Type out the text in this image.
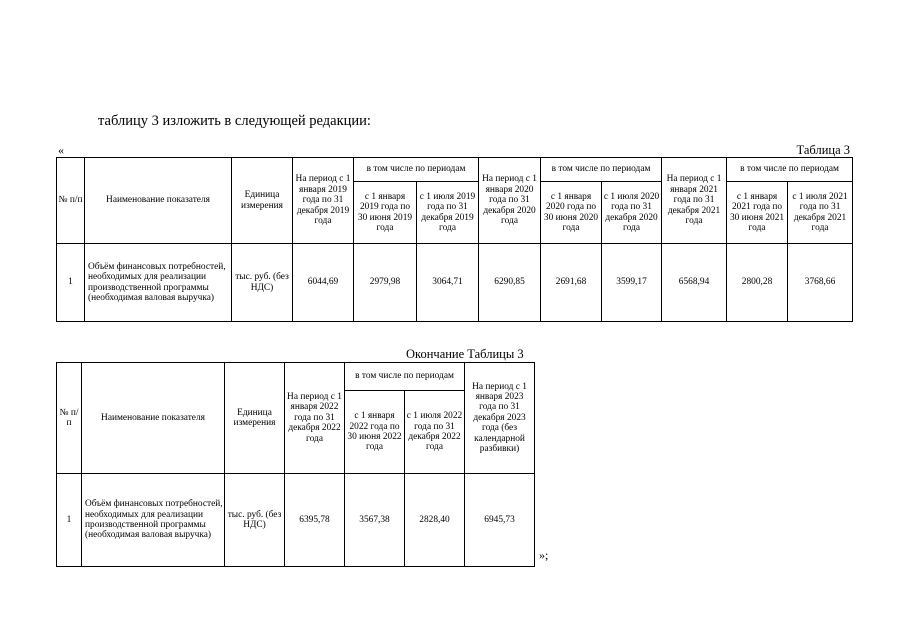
таблицу 3 изложить в следующей редакции:
«	Таблица 3
№ п/п	Наименование показателя	Единица измерения	На период с 1 января 2019 года по 31 декабря 2019 года	в том числе по периодам		На период с 1 января 2020 года по 31 декабря 2020 года	в том числе по периодам		На период с 1 января 2021 года по 31 декабря 2021 года	в том числе по периодам	
				с 1 января 2019 года по 30 июня 2019 года	с 1 июля 2019 года по 31 декабря 2019 года		с 1 января 2020 года по 30 июня 2020 года	с 1 июля 2020 года по 31 декабря 2020 года		с 1 января 2021 года по 30 июня 2021 года	с 1 июля 2021 года по 31 декабря 2021 года
1	Объём финансовых потребностей, необходимых для реализации производственной программы (необходимая валовая выручка)	тыс. руб. (без НДС)	6044,69	2979,98	3064,71	6290,85	2691,68	3599,17	6568,94	2800,28	3768,66
Окончание Таблицы 3
№ п/п	Наименование показателя	Единица измерения	На период с 1 января 2022 года по 31 декабря 2022 года	в том числе по периодам		На период с 1 января 2023 года по 31 декабря 2023 года (без календарной разбивки)
				с 1 января 2022 года по 30 июня 2022 года	с 1 июля 2022 года по 31 декабря 2022 года	
1	Объём финансовых потребностей, необходимых для реализации производственной программы (необходимая валовая выручка)	тыс. руб. (без НДС)	6395,78	3567,38	2828,40	6945,73
»;
